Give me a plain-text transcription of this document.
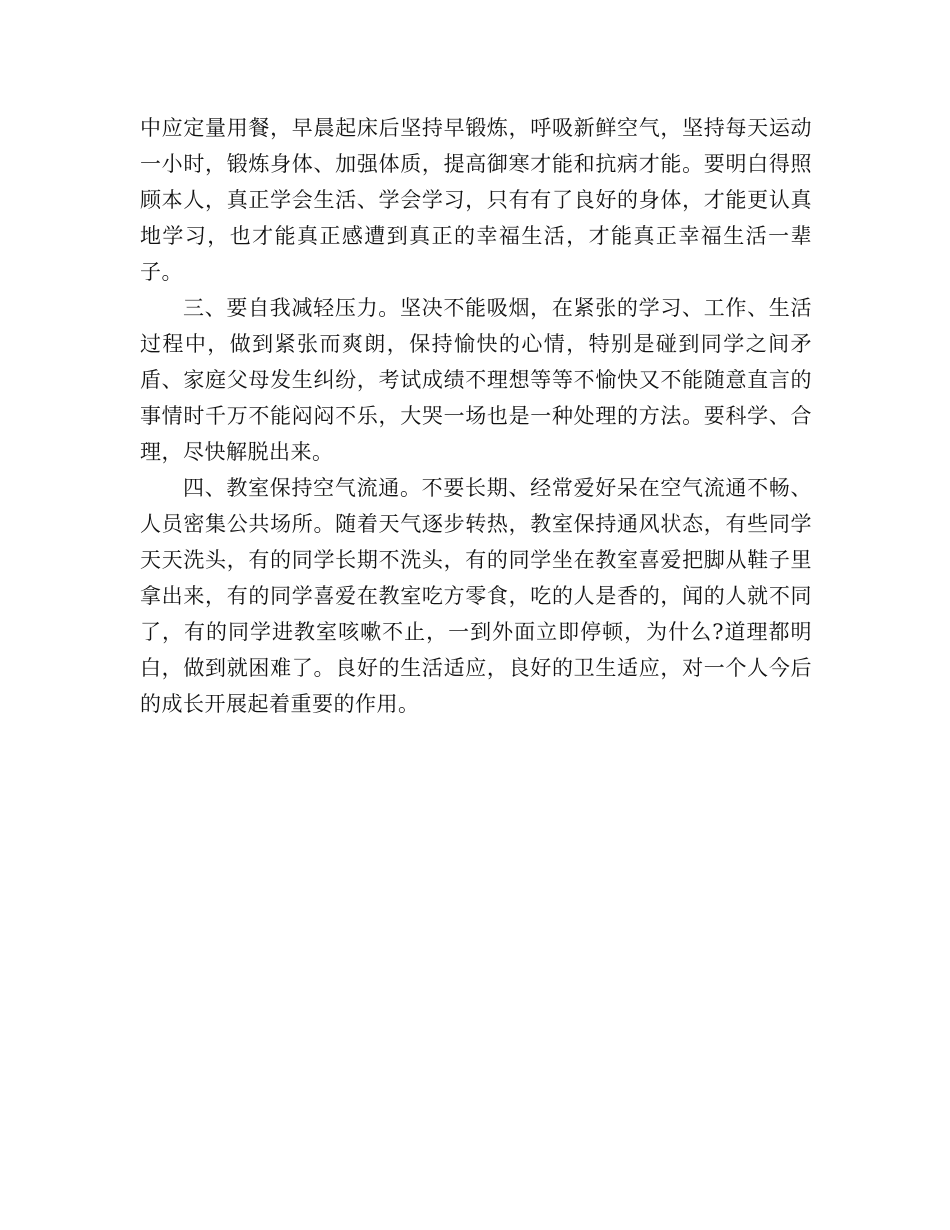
中应定量用餐，早晨起床后坚持早锻炼，呼吸新鲜空气，坚持每天运动一小时，锻炼身体、加强体质，提高御寒才能和抗病才能。要明白得照顾本人，真正学会生活、学会学习，只有有了良好的身体，才能更认真地学习，也才能真正感遭到真正的幸福生活，才能真正幸福生活一辈子。

三、要自我减轻压力。坚决不能吸烟，在紧张的学习、工作、生活过程中，做到紧张而爽朗，保持愉快的心情，特别是碰到同学之间矛盾、家庭父母发生纠纷，考试成绩不理想等等不愉快又不能随意直言的事情时千万不能闷闷不乐，大哭一场也是一种处理的方法。要科学、合理，尽快解脱出来。

四、教室保持空气流通。不要长期、经常爱好呆在空气流通不畅、人员密集公共场所。随着天气逐步转热，教室保持通风状态，有些同学天天洗头，有的同学长期不洗头，有的同学坐在教室喜爱把脚从鞋子里拿出来，有的同学喜爱在教室吃方零食，吃的人是香的，闻的人就不同了，有的同学进教室咳嗽不止，一到外面立即停顿，为什么?道理都明白，做到就困难了。良好的生活适应，良好的卫生适应，对一个人今后的成长开展起着重要的作用。
